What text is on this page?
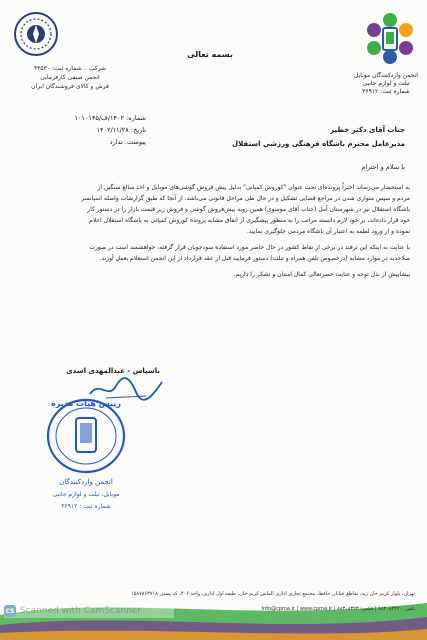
شرکت ۔ شماره ثبت: ۴۳۵۳۰
انجمن صنفی کارفرمایی
فرش و کالای فروشندگان ایران
بسمه تعالی
انجمن واردکنندگان موبایل
تبلت و لوازم جانبی
شماره ثبت: ۳۶۹۱۲
شماره: ۱۴۰۲/ف/۱۰۱۰۱۴۵
تاریخ: ۱۴۰۲/۱۱/۲۸
پیوست: ندارد
جناب آقای دکتر خطیر
مدیرعامل محترم باشگاه فرهنگی ورزشی استقلال
با سلام و احترام
به استحضار می‌رساند اخیراً پرونده‌ای تحت عنوان "کوروش کمپانی" بدلیل پیش فروش گوشی‌های موبایل و اخذ مبالغ سنگین از
مردم و سپس متواری شدن در مراجع قضایی تشکیل و در حال طی مراحل قانونی می‌باشد. از آنجا که طبق گزارشات واصله اسپانسر
باشگاه استقلال نیز در شهرستان آمل (جناب آقای موسوی) همین رویه پیش‌فروش گوشی و فروش زیر قیمت بازار را در دستور کار
خود قرار داده‌اند، بر خود لازم دانسته مراتب را به منظور پیشگیری از اتفاق مشابه پرونده کوروش کمپانی به باشگاه استقلال اعلام
نموده و از ورود لطمه به اعتبار آن باشگاه مردمی جلوگیری نمایید.
با عنایت به اینکه این ترفند در برخی از نقاط کشور در حال حاضر مورد استفاده سودجویان قرار گرفته، خواهشمند است در صورت
صلاحدید در موارد مشابه (درخصوص تلفن همراه و تبلت) دستور فرمایید قبل از عقد قرارداد از این انجمن استعلام بعمل آورند.
پیشاپیش از بذل توجه و عنایت حضرتعالی کمال امتنان و تشکر را داریم.
باسپاس - عبدالمهدی اسدی
رییس هیات مدیره
انجمن واردکنندگان
موبایل، تبلت و لوازم جانبی
شماره ثبت : ۳۶۹۱۲
تهران، بلوار کریم خان زند، تقاطع خیابان حافظ، مجتمع تجاری اداری الماس کریم خان، طبقه اول اداری، واحد ۴۰۶، کد پستی ۱۵۸۷۸۶۳۷۱۸
تلفن: ۸۸۳۰۸۳۲۲۰ | فکس: ۸۸۳۰۸۳۲۳ | Info@cpma.ir | www.cpma.ir
CS Scanned with CamScanner
